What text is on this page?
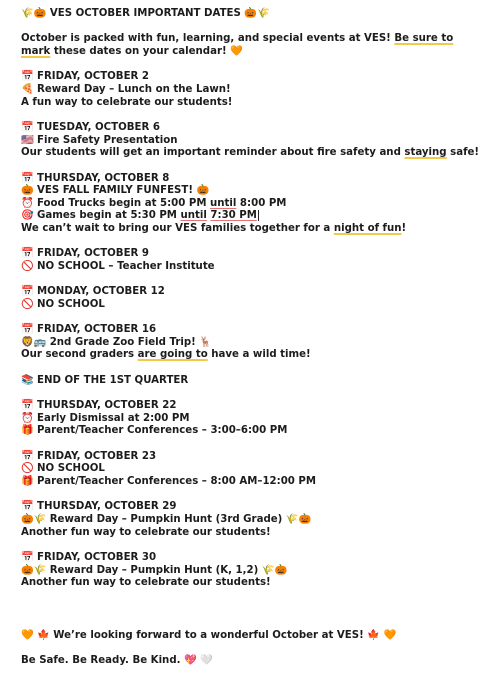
🌾🎃 VES OCTOBER IMPORTANT DATES 🎃🌾
October is packed with fun, learning, and special events at VES! Be sure to mark these dates on your calendar! 🧡
📅 FRIDAY, OCTOBER 2
🍕 Reward Day – Lunch on the Lawn!
A fun way to celebrate our students!
📅 TUESDAY, OCTOBER 6
🇺🇸 Fire Safety Presentation
Our students will get an important reminder about fire safety and staying safe!
📅 THURSDAY, OCTOBER 8
🎃 VES FALL FAMILY FUNFEST! 🎃
⏰ Food Trucks begin at 5:00 PM until 8:00 PM
🎯 Games begin at 5:30 PM until 7:30 PM
We can’t wait to bring our VES families together for a night of fun!
📅 FRIDAY, OCTOBER 9
🚫 NO SCHOOL – Teacher Institute
📅 MONDAY, OCTOBER 12
🚫 NO SCHOOL
📅 FRIDAY, OCTOBER 16
🦁🚌 2nd Grade Zoo Field Trip! 🦌
Our second graders are going to have a wild time!
📚 END OF THE 1ST QUARTER
📅 THURSDAY, OCTOBER 22
⏰ Early Dismissal at 2:00 PM
🎁 Parent/Teacher Conferences – 3:00–6:00 PM
📅 FRIDAY, OCTOBER 23
🚫 NO SCHOOL
🎁 Parent/Teacher Conferences – 8:00 AM–12:00 PM
📅 THURSDAY, OCTOBER 29
🎃🌾 Reward Day – Pumpkin Hunt (3rd Grade) 🌾🎃
Another fun way to celebrate our students!
📅 FRIDAY, OCTOBER 30
🎃🌾 Reward Day – Pumpkin Hunt (K, 1,2) 🌾🎃
Another fun way to celebrate our students!
🧡 🍁 We’re looking forward to a wonderful October at VES! 🍁 🧡
Be Safe. Be Ready. Be Kind. 💖 🤍
